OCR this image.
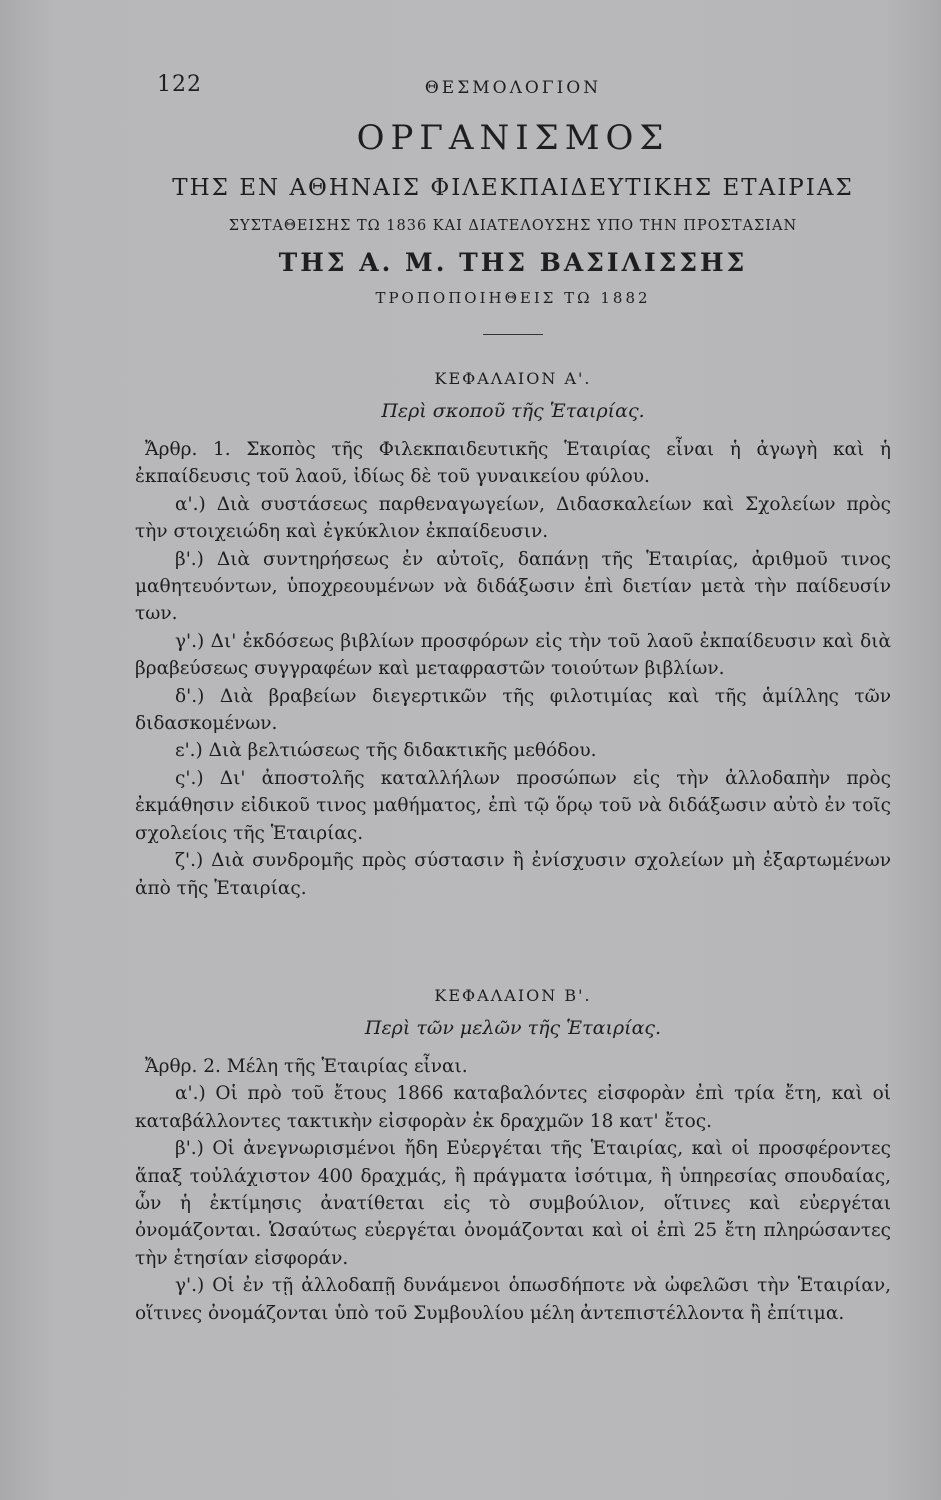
122	ΘΕΣΜΟΛΟΓΙΟΝ
ΟΡΓΑΝΙΣΜΟΣ
ΤΗΣ ΕΝ ΑΘΗΝΑΙΣ ΦΙΛΕΚΠΑΙΔΕΥΤΙΚΗΣ ΕΤΑΙΡΙΑΣ
ΣΥΣΤΑΘΕΙΣΗΣ ΤΩ 1836 ΚΑΙ ΔΙΑΤΕΛΟΥΣΗΣ ΥΠΟ ΤΗΝ ΠΡΟΣΤΑΣΙΑΝ
ΤΗΣ Α. Μ. ΤΗΣ ΒΑΣΙΛΙΣΣΗΣ
ΤΡΟΠΟΠΟΙΗΘΕΙΣ ΤΩ 1882
ΚΕΦΑΛΑΙΟΝ Α'.
Περὶ σκοποῦ τῆς Ἑταιρίας.

Ἄρθρ. 1. Σκοπὸς τῆς Φιλεκπαιδευτικῆς Ἑταιρίας εἶναι ἡ ἀγωγὴ καὶ ἡ ἐκπαίδευσις τοῦ λαοῦ, ἰδίως δὲ τοῦ γυναικείου φύλου.

α'.) Διὰ συστάσεως παρθεναγωγείων, Διδασκαλείων καὶ Σχολείων πρὸς τὴν στοιχειώδη καὶ ἐγκύκλιον ἐκπαίδευσιν.

β'.) Διὰ συντηρήσεως ἐν αὐτοῖς, δαπάνῃ τῆς Ἑταιρίας, ἀριθμοῦ τινος μαθητευόντων, ὑποχρεουμένων νὰ διδάξωσιν ἐπὶ διετίαν μετὰ τὴν παίδευσίν των.

γ'.) Δι' ἐκδόσεως βιβλίων προσφόρων εἰς τὴν τοῦ λαοῦ ἐκπαίδευσιν καὶ διὰ βραβεύσεως συγγραφέων καὶ μεταφραστῶν τοιούτων βιβλίων.

δ'.) Διὰ βραβείων διεγερτικῶν τῆς φιλοτιμίας καὶ τῆς ἁμίλλης τῶν διδασκομένων.

ε'.) Διὰ βελτιώσεως τῆς διδακτικῆς μεθόδου.

ς'.) Δι' ἀποστολῆς καταλλήλων προσώπων εἰς τὴν ἀλλοδαπὴν πρὸς ἐκμάθησιν εἰδικοῦ τινος μαθήματος, ἐπὶ τῷ ὅρῳ τοῦ νὰ διδάξωσιν αὐτὸ ἐν τοῖς σχολείοις τῆς Ἑταιρίας.

ζ'.) Διὰ συνδρομῆς πρὸς σύστασιν ἢ ἐνίσχυσιν σχολείων μὴ ἐξαρτωμένων ἀπὸ τῆς Ἑταιρίας.

ΚΕΦΑΛΑΙΟΝ Β'.
Περὶ τῶν μελῶν τῆς Ἑταιρίας.

Ἄρθρ. 2. Μέλη τῆς Ἑταιρίας εἶναι.

α'.) Οἱ πρὸ τοῦ ἔτους 1866 καταβαλόντες εἰσφορὰν ἐπὶ τρία ἔτη, καὶ οἱ καταβάλλοντες τακτικὴν εἰσφορὰν ἐκ δραχμῶν 18 κατ' ἔτος.

β'.) Οἱ ἀνεγνωρισμένοι ἤδη Εὐεργέται τῆς Ἑταιρίας, καὶ οἱ προσφέροντες ἅπαξ τοὐλάχιστον 400 δραχμάς, ἢ πράγματα ἰσότιμα, ἢ ὑπηρεσίας σπουδαίας, ὧν ἡ ἐκτίμησις ἀνατίθεται εἰς τὸ συμβούλιον, οἵτινες καὶ εὐεργέται ὀνομάζονται. Ὡσαύτως εὐεργέται ὀνομάζονται καὶ οἱ ἐπὶ 25 ἔτη πληρώσαντες τὴν ἐτησίαν εἰσφοράν.

γ'.) Οἱ ἐν τῇ ἀλλοδαπῇ δυνάμενοι ὁπωσδήποτε νὰ ὠφελῶσι τὴν Ἑταιρίαν, οἵτινες ὀνομάζονται ὑπὸ τοῦ Συμβουλίου μέλη ἀντεπιστέλλοντα ἢ ἐπίτιμα.
